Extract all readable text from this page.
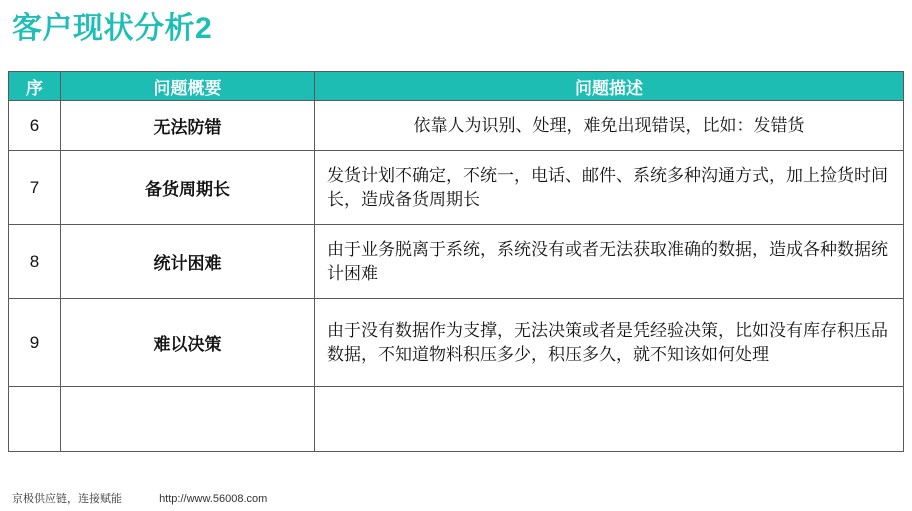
客户现状分析2
序	问题概要	问题描述
6	无法防错	依靠人为识别、处理，难免出现错误，比如：发错货
7	备货周期长	发货计划不确定，不统一，电话、邮件、系统多种沟通方式，加上捡货时间长，造成备货周期长
8	统计困难	由于业务脱离于系统，系统没有或者无法获取准确的数据，造成各种数据统计困难
9	难以决策	由于没有数据作为支撑，无法决策或者是凭经验决策，比如没有库存积压品数据，不知道物料积压多少，积压多久，就不知该如何处理

京极供应链，连接赋能	http://www.56008.com
